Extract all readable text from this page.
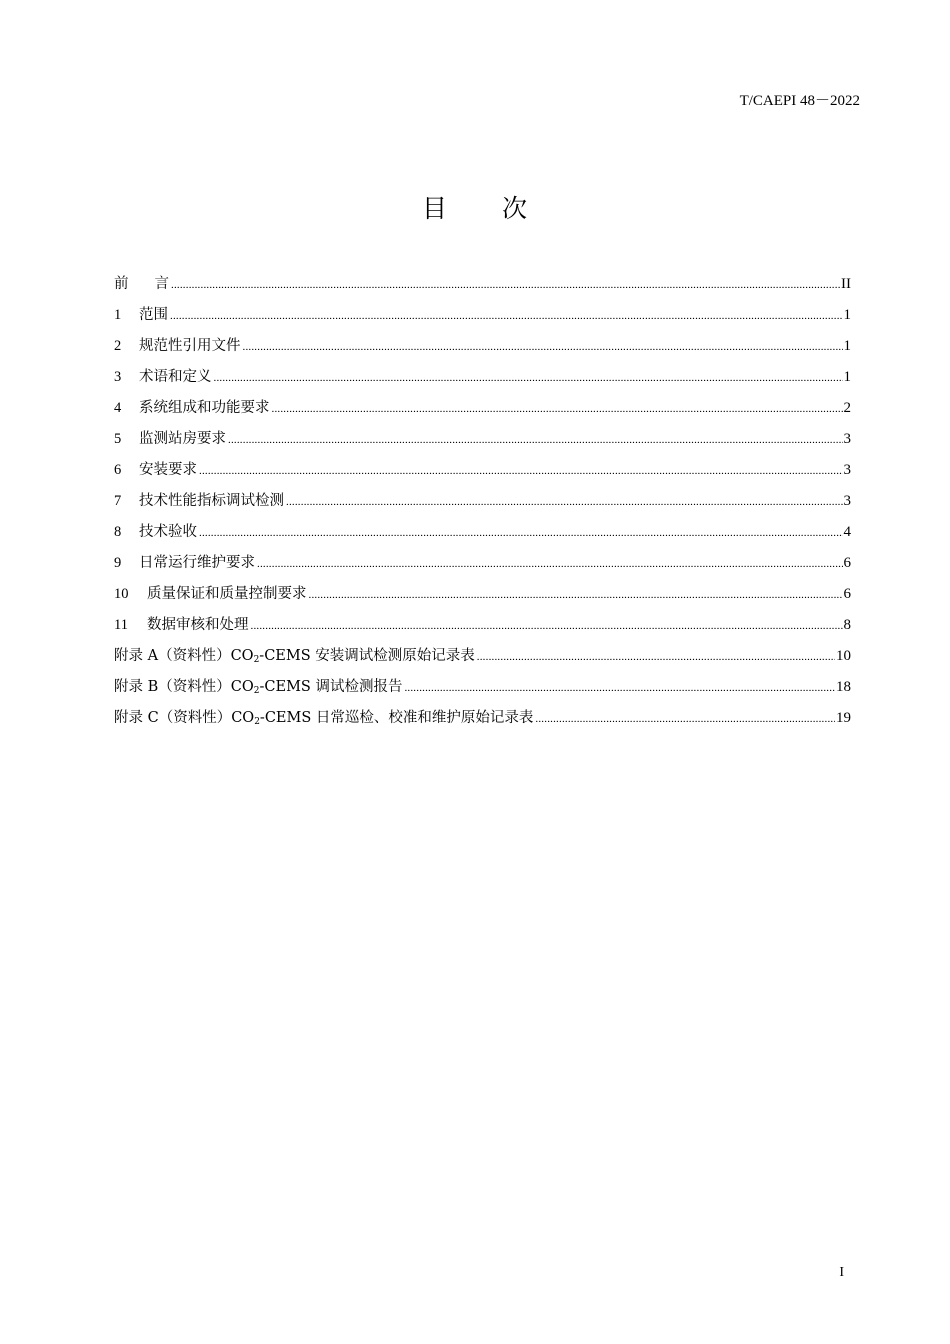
T/CAEPI 48－2022
目 次
前 言 .....	II
1	范围 .....	1
2	规范性引用文件 .....	1
3	术语和定义 .....	1
4	系统组成和功能要求 .....	2
5	监测站房要求 .....	3
6	安装要求 .....	3
7	技术性能指标调试检测 .....	3
8	技术验收 .....	4
9	日常运行维护要求 .....	6
10	质量保证和质量控制要求 .....	6
11	数据审核和处理 .....	8
附录 A（资料性）$CO_2$-CEMS 安装调试检测原始记录表 .....	10
附录 B（资料性）$CO_2$-CEMS 调试检测报告 .....	18
附录 C（资料性）$CO_2$-CEMS 日常巡检、校准和维护原始记录表 .....	19
I
